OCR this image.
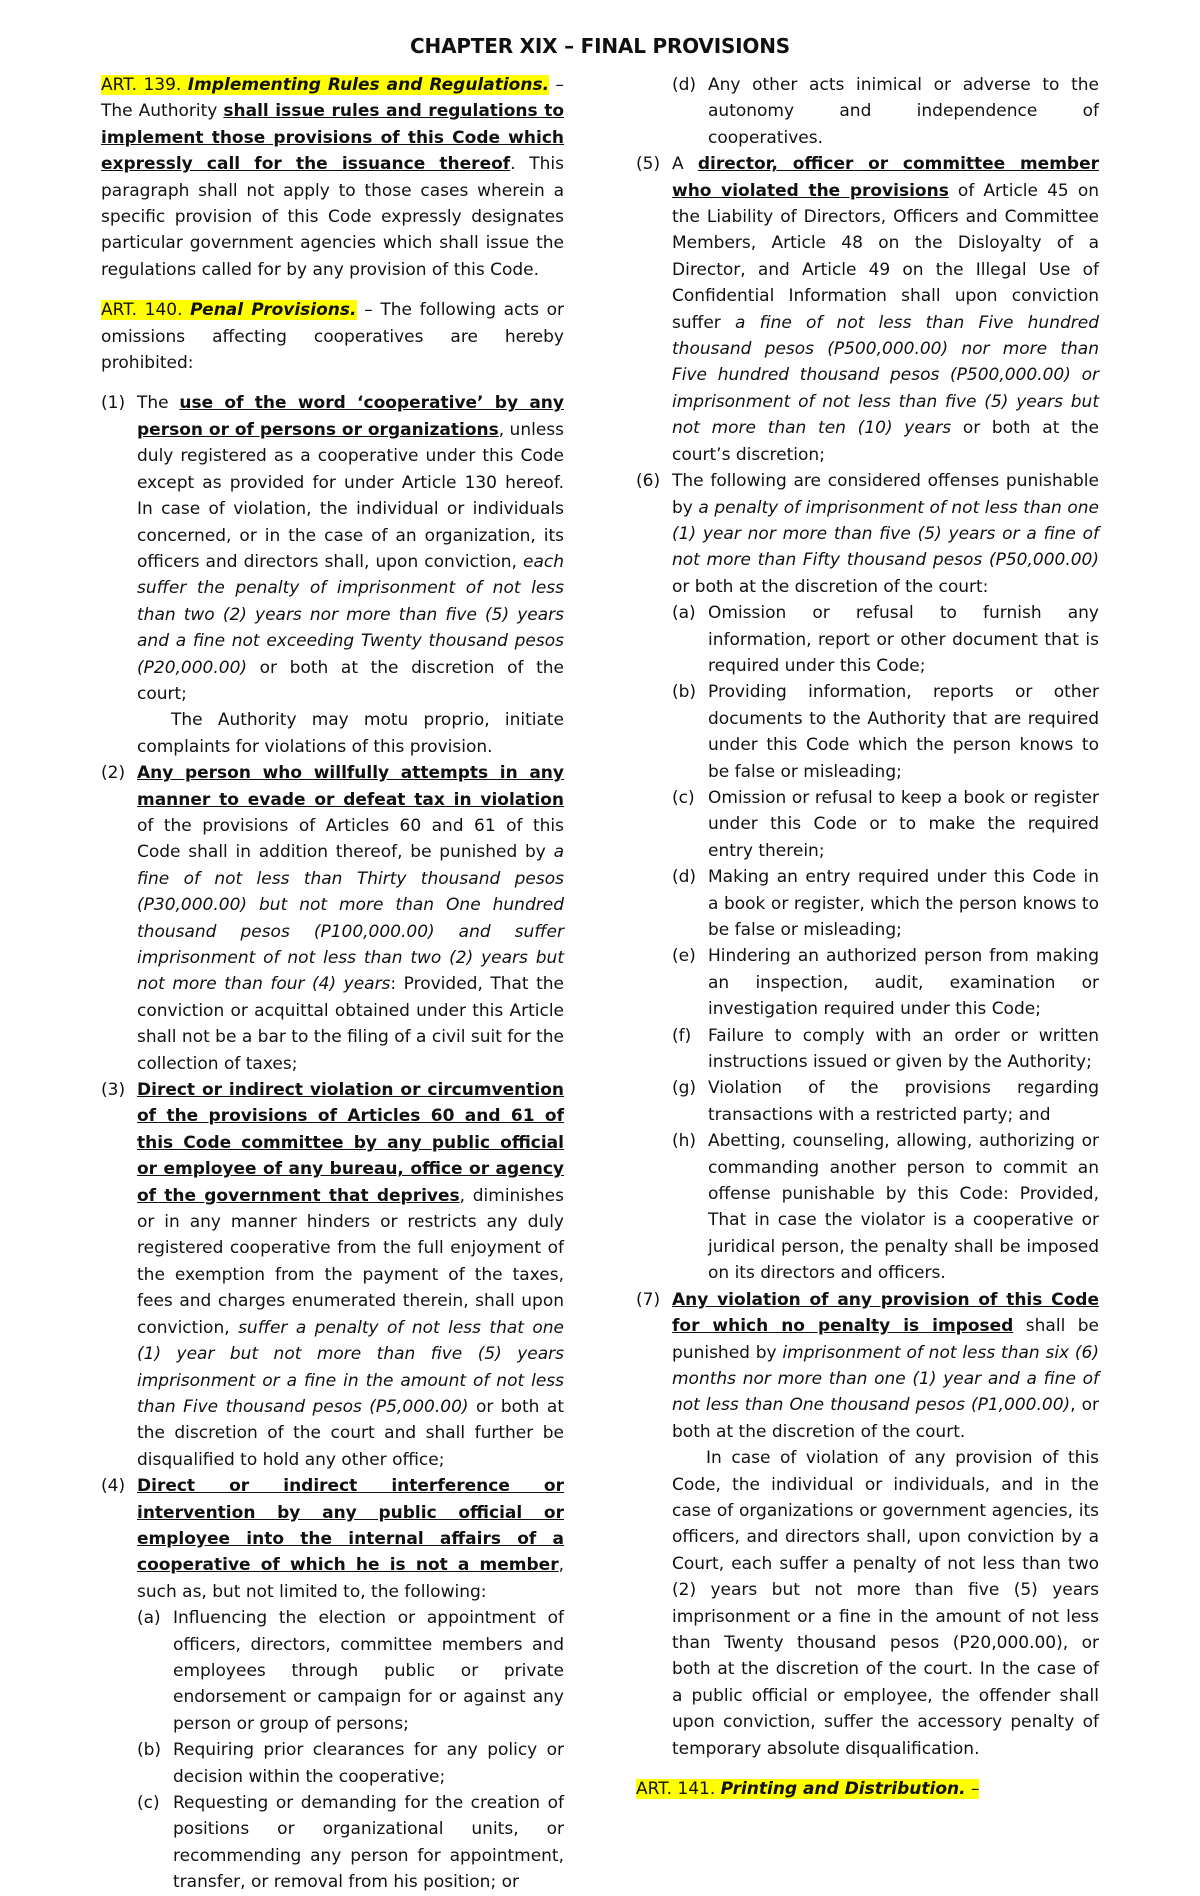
CHAPTER XIX – FINAL PROVISIONS

ART. 139. Implementing Rules and Regulations. – The Authority shall issue rules and regulations to implement those provisions of this Code which expressly call for the issuance thereof. This paragraph shall not apply to those cases wherein a specific provision of this Code expressly designates particular government agencies which shall issue the regulations called for by any provision of this Code.

ART. 140. Penal Provisions. – The following acts or omissions affecting cooperatives are hereby prohibited:

(1) The use of the word ‘cooperative’ by any person or of persons or organizations, unless duly registered as a cooperative under this Code except as provided for under Article 130 hereof. In case of violation, the individual or individuals concerned, or in the case of an organization, its officers and directors shall, upon conviction, each suffer the penalty of imprisonment of not less than two (2) years nor more than five (5) years and a fine not exceeding Twenty thousand pesos (P20,000.00) or both at the discretion of the court;

The Authority may motu proprio, initiate complaints for violations of this provision.

(2) Any person who willfully attempts in any manner to evade or defeat tax in violation of the provisions of Articles 60 and 61 of this Code shall in addition thereof, be punished by a fine of not less than Thirty thousand pesos (P30,000.00) but not more than One hundred thousand pesos (P100,000.00) and suffer imprisonment of not less than two (2) years but not more than four (4) years: Provided, That the conviction or acquittal obtained under this Article shall not be a bar to the filing of a civil suit for the collection of taxes;
(3) Direct or indirect violation or circumvention of the provisions of Articles 60 and 61 of this Code committee by any public official or employee of any bureau, office or agency of the government that deprives, diminishes or in any manner hinders or restricts any duly registered cooperative from the full enjoyment of the exemption from the payment of the taxes, fees and charges enumerated therein, shall upon conviction, suffer a penalty of not less that one (1) year but not more than five (5) years imprisonment or a fine in the amount of not less than Five thousand pesos (P5,000.00) or both at the discretion of the court and shall further be disqualified to hold any other office;
(4) Direct or indirect interference or intervention by any public official or employee into the internal affairs of a cooperative of which he is not a member, such as, but not limited to, the following:
(a) Influencing the election or appointment of officers, directors, committee members and employees through public or private endorsement or campaign for or against any person or group of persons;
(b) Requiring prior clearances for any policy or decision within the cooperative;
(c) Requesting or demanding for the creation of positions or organizational units, or recommending any person for appointment, transfer, or removal from his position; or
(d) Any other acts inimical or adverse to the autonomy and independence of cooperatives.
(5) A director, officer or committee member who violated the provisions of Article 45 on the Liability of Directors, Officers and Committee Members, Article 48 on the Disloyalty of a Director, and Article 49 on the Illegal Use of Confidential Information shall upon conviction suffer a fine of not less than Five hundred thousand pesos (P500,000.00) nor more than Five hundred thousand pesos (P500,000.00) or imprisonment of not less than five (5) years but not more than ten (10) years or both at the court’s discretion;
(6) The following are considered offenses punishable by a penalty of imprisonment of not less than one (1) year nor more than five (5) years or a fine of not more than Fifty thousand pesos (P50,000.00) or both at the discretion of the court:
(a) Omission or refusal to furnish any information, report or other document that is required under this Code;
(b) Providing information, reports or other documents to the Authority that are required under this Code which the person knows to be false or misleading;
(c) Omission or refusal to keep a book or register under this Code or to make the required entry therein;
(d) Making an entry required under this Code in a book or register, which the person knows to be false or misleading;
(e) Hindering an authorized person from making an inspection, audit, examination or investigation required under this Code;
(f) Failure to comply with an order or written instructions issued or given by the Authority;
(g) Violation of the provisions regarding transactions with a restricted party; and
(h) Abetting, counseling, allowing, authorizing or commanding another person to commit an offense punishable by this Code: Provided, That in case the violator is a cooperative or juridical person, the penalty shall be imposed on its directors and officers.
(7) Any violation of any provision of this Code for which no penalty is imposed shall be punished by imprisonment of not less than six (6) months nor more than one (1) year and a fine of not less than One thousand pesos (P1,000.00), or both at the discretion of the court.

In case of violation of any provision of this Code, the individual or individuals, and in the case of organizations or government agencies, its officers, and directors shall, upon conviction by a Court, each suffer a penalty of not less than two (2) years but not more than five (5) years imprisonment or a fine in the amount of not less than Twenty thousand pesos (P20,000.00), or both at the discretion of the court. In the case of a public official or employee, the offender shall upon conviction, suffer the accessory penalty of temporary absolute disqualification.

ART. 141. Printing and Distribution. –
